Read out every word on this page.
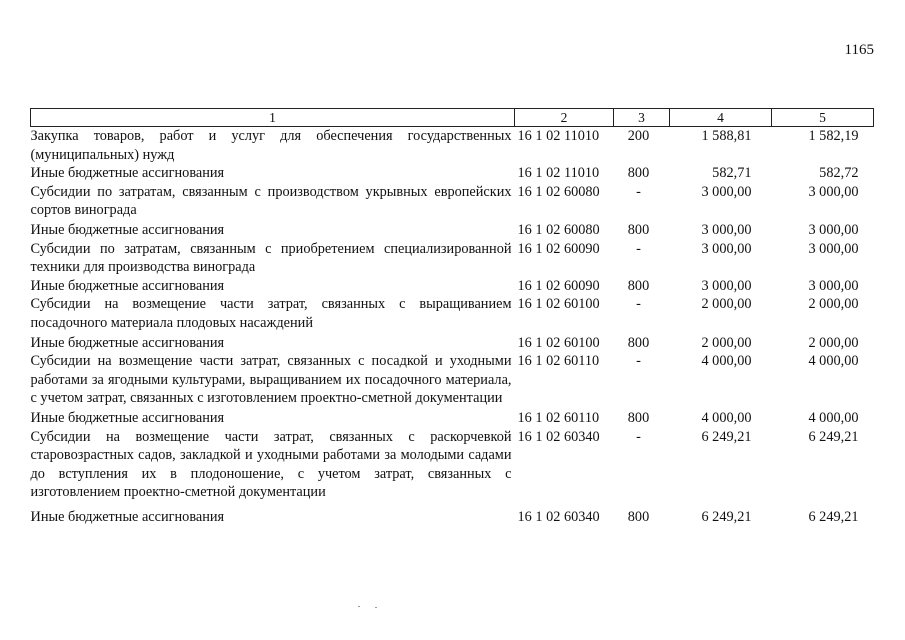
1165
1	2	3	4	5
Закупка товаров, работ и услуг для обеспечения государственных (муниципальных) нужд	16 1 02 11010	200	1 588,81	1 582,19
Иные бюджетные ассигнования	16 1 02 11010	800	582,71	582,72
Субсидии по затратам, связанным с производством укрывных европейских сортов винограда	16 1 02 60080	-	3 000,00	3 000,00
Иные бюджетные ассигнования	16 1 02 60080	800	3 000,00	3 000,00
Субсидии по затратам, связанным с приобретением специализированной техники для производства винограда	16 1 02 60090	-	3 000,00	3 000,00
Иные бюджетные ассигнования	16 1 02 60090	800	3 000,00	3 000,00
Субсидии на возмещение части затрат, связанных с выращиванием посадочного материала плодовых насаждений	16 1 02 60100	-	2 000,00	2 000,00
Иные бюджетные ассигнования	16 1 02 60100	800	2 000,00	2 000,00
Субсидии на возмещение части затрат, связанных с посадкой и уходными работами за ягодными культурами, выращиванием их посадочного материала, с учетом затрат, связанных с изготовлением проектно-сметной документации	16 1 02 60110	-	4 000,00	4 000,00
Иные бюджетные ассигнования	16 1 02 60110	800	4 000,00	4 000,00
Субсидии на возмещение части затрат, связанных с раскорчевкой старовозрастных садов, закладкой и уходными работами за молодыми садами до вступления их в плодоношение, с учетом затрат, связанных с изготовлением проектно-сметной документации	16 1 02 60340	-	6 249,21	6 249,21
Иные бюджетные ассигнования	16 1 02 60340	800	6 249,21	6 249,21
